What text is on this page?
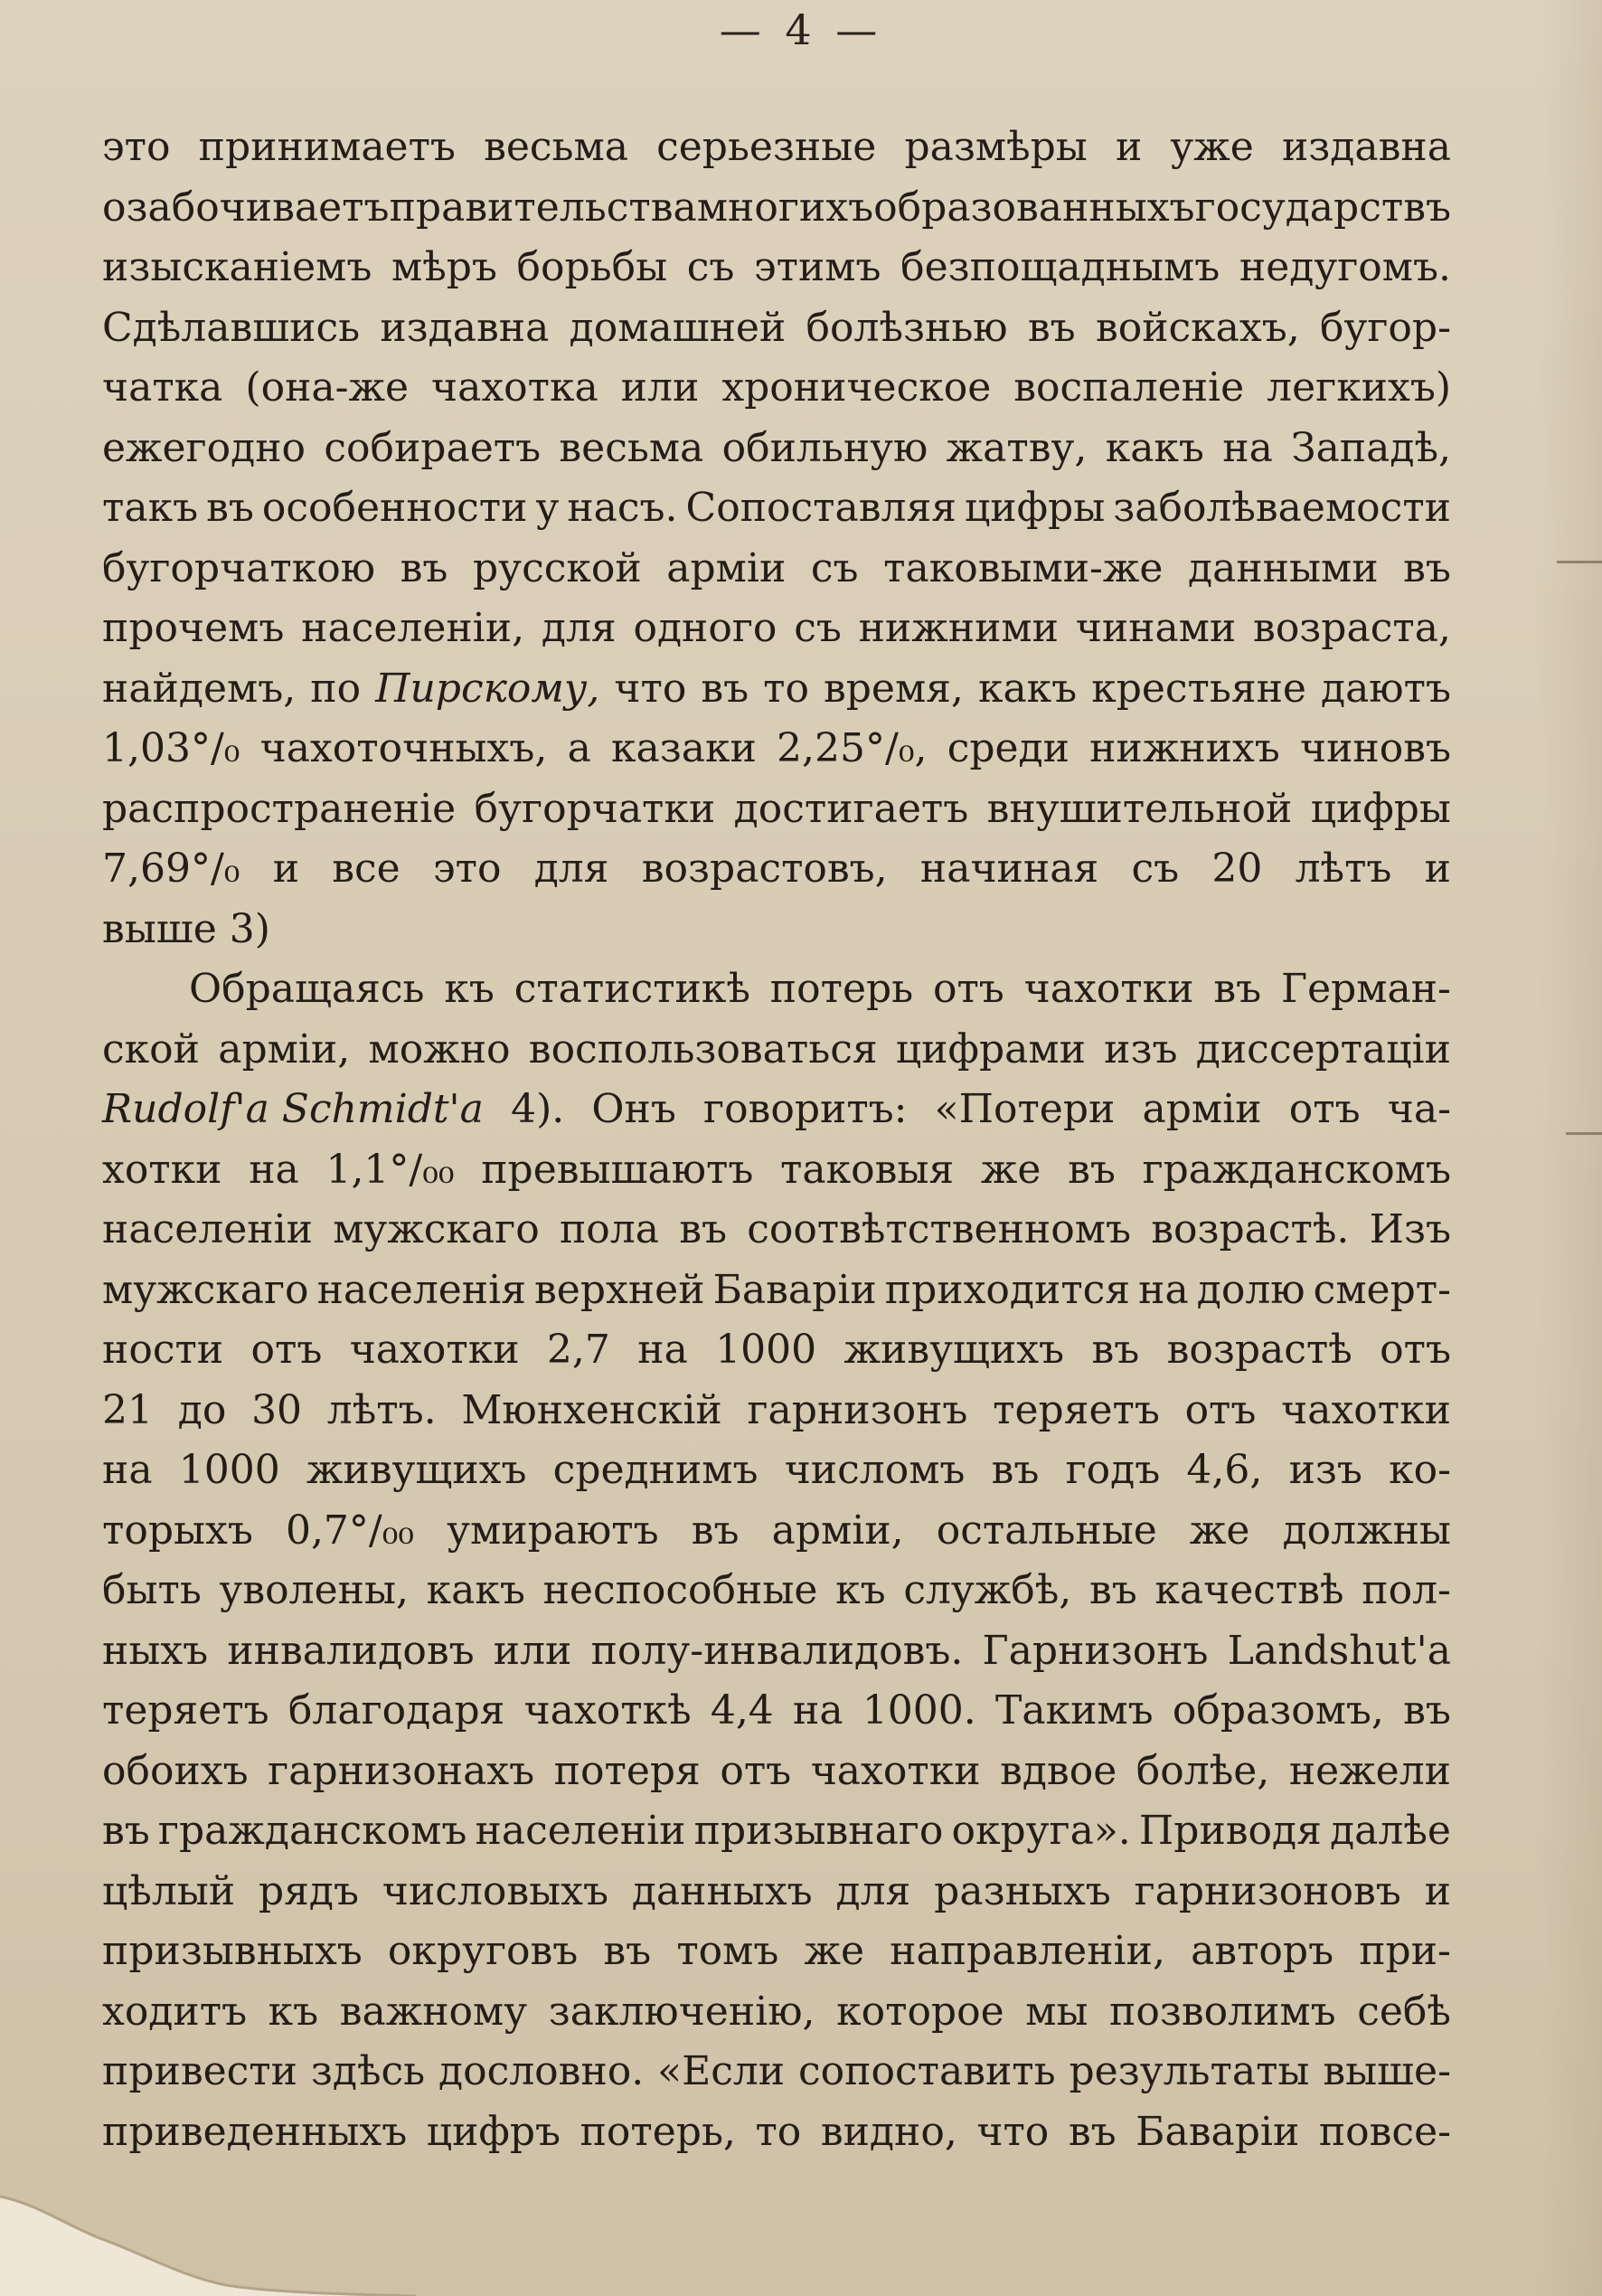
— 4 —
это принимаетъ весьма серьезные размѣры и уже издавна
озабочиваетъ правительства многихъ образованныхъ государствъ
изысканіемъ мѣръ борьбы съ этимъ безпощаднымъ недугомъ.
Сдѣлавшись издавна домашней болѣзнью въ войскахъ, бугор-
чатка (она-же чахотка или хроническое воспаленіе легкихъ)
ежегодно собираетъ весьма обильную жатву, какъ на Западѣ,
такъ въ особенности у насъ. Сопоставляя цифры заболѣваемости
бугорчаткою въ русской арміи съ таковыми-же данными въ
прочемъ населеніи, для одного съ нижними чинами возраста,
найдемъ, по Пирскому, что въ то время, какъ крестьяне даютъ
1,03°/₀ чахоточныхъ, а казаки 2,25°/₀, среди нижнихъ чиновъ
распространеніе бугорчатки достигаетъ внушительной цифры
7,69°/₀ и все это для возрастовъ, начиная съ 20 лѣтъ и
выше 3)
Обращаясь къ статистикѣ потерь отъ чахотки въ Герман-
ской арміи, можно воспользоваться цифрами изъ диссертаціи
Rudolf'a Schmidt'a 4). Онъ говоритъ: «Потери арміи отъ ча-
хотки на 1,1°/₀₀ превышаютъ таковыя же въ гражданскомъ
населеніи мужскаго пола въ соотвѣтственномъ возрастѣ. Изъ
мужскаго населенія верхней Баваріи приходится на долю смерт-
ности отъ чахотки 2,7 на 1000 живущихъ въ возрастѣ отъ
21 до 30 лѣтъ. Мюнхенскій гарнизонъ теряетъ отъ чахотки
на 1000 живущихъ среднимъ числомъ въ годъ 4,6, изъ ко-
торыхъ 0,7°/₀₀ умираютъ въ арміи, остальные же должны
быть уволены, какъ неспособные къ службѣ, въ качествѣ пол-
ныхъ инвалидовъ или полу-инвалидовъ. Гарнизонъ Landshut'a
теряетъ благодаря чахоткѣ 4,4 на 1000. Такимъ образомъ, въ
обоихъ гарнизонахъ потеря отъ чахотки вдвое болѣе, нежели
въ гражданскомъ населеніи призывнаго округа». Приводя далѣе
цѣлый рядъ числовыхъ данныхъ для разныхъ гарнизоновъ и
призывныхъ округовъ въ томъ же направленіи, авторъ при-
ходитъ къ важному заключенію, которое мы позволимъ себѣ
привести здѣсь дословно. «Если сопоставить результаты выше-
приведенныхъ цифръ потерь, то видно, что въ Баваріи повсе-
